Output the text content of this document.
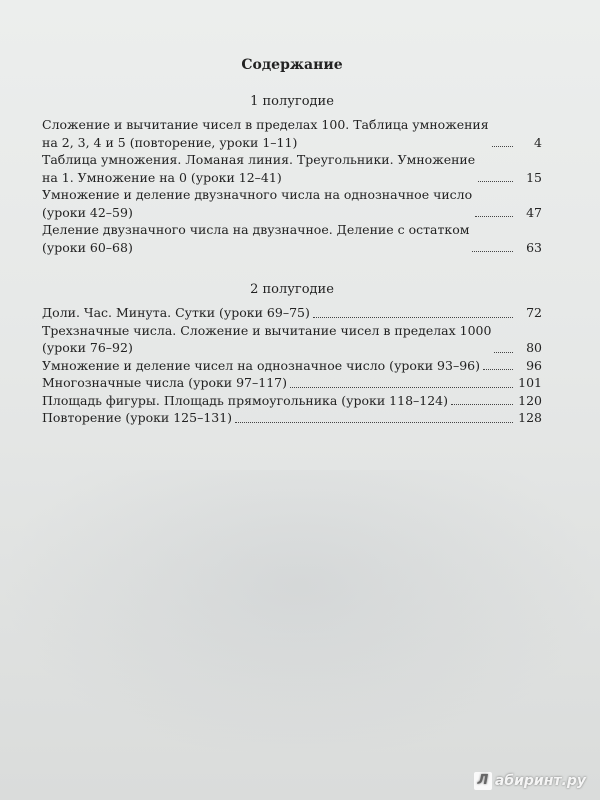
Содержание
1 полугодие
Сложение и вычитание чисел в пределах 100. Таблица умножения
на 2, 3, 4 и 5 (повторение, уроки 1–11)	4
Таблица умножения. Ломаная линия. Треугольники. Умножение
на 1. Умножение на 0 (уроки 12–41)	15
Умножение и деление двузначного числа на однозначное число
(уроки 42–59)	47
Деление двузначного числа на двузначное. Деление с остатком
(уроки 60–68)	63
2 полугодие
Доли. Час. Минута. Сутки (уроки 69–75)	72
Трехзначные числа. Сложение и вычитание чисел в пределах 1000
(уроки 76–92)	80
Умножение и деление чисел на однозначное число (уроки 93–96)	96
Многозначные числа (уроки 97–117)	101
Площадь фигуры. Площадь прямоугольника (уроки 118–124)	120
Повторение (уроки 125–131)	128
Л абиринт.ру
